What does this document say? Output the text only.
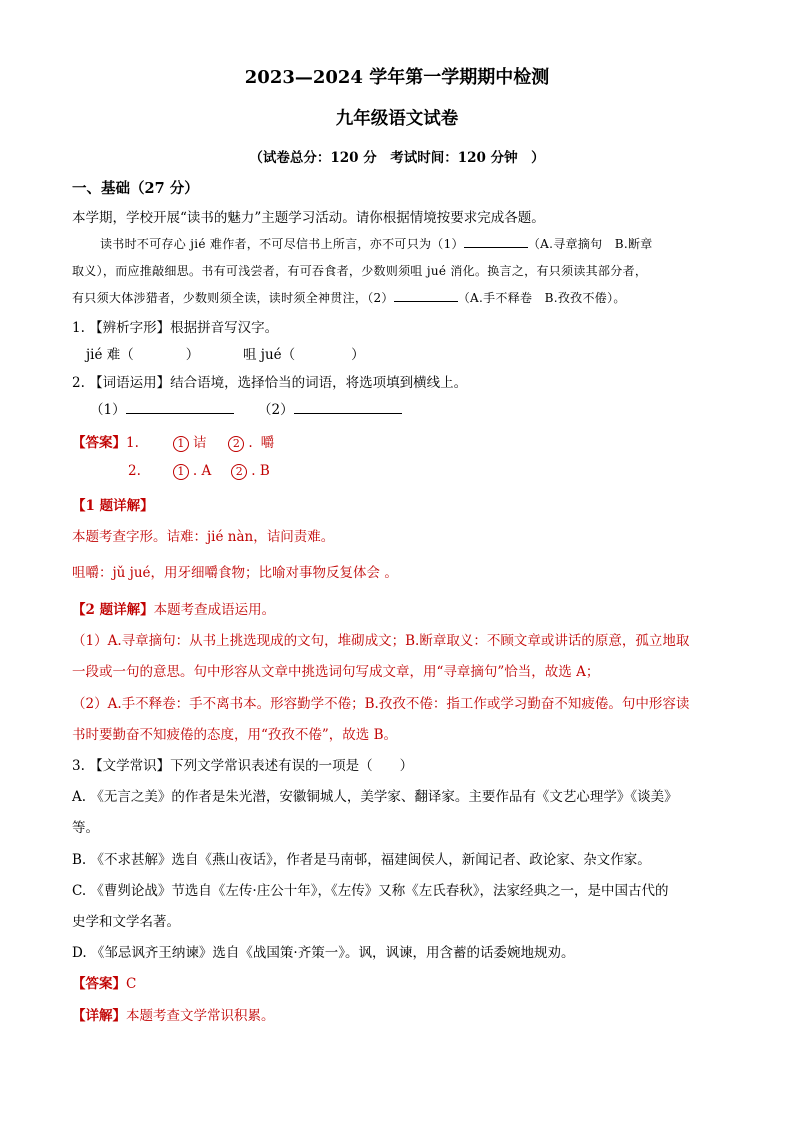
2023—2024 学年第一学期期中检测
九年级语文试卷
（试卷总分：120 分　考试时间：120 分钟　）
一、基础（27 分）
本学期，学校开展“读书的魅力”主题学习活动。请你根据情境按要求完成各题。
读书时不可存心 jié 难作者，不可尽信书上所言，亦不可只为（1）	（A.寻章摘句　B.断章
取义），而应推敲细思。书有可浅尝者，有可吞食者，少数则须咀 jué 消化。换言之，有只须读其部分者，
有只须大体涉猎者，少数则须全读，读时须全神贯注，（2）	（A.手不释卷　B.孜孜不倦）。
1. 【辨析字形】根据拼音写汉字。
jié 难（	）	咀 jué（	）
2. 【词语运用】结合语境，选择恰当的词语，将选项填到横线上。
（1）	（2）
【答案】1.	1 诘 2 . 嚼
2.	1 . A 2 . B
【1 题详解】
本题考查字形。诘难：jié nàn，诘问责难。
咀嚼：jǔ jué，用牙细嚼食物；比喻对事物反复体会 。
【2 题详解】本题考查成语运用。
（1）A.寻章摘句：从书上挑选现成的文句，堆砌成文；B.断章取义：不顾文章或讲话的原意，孤立地取
一段或一句的意思。句中形容从文章中挑选词句写成文章，用“寻章摘句”恰当，故选 A；
（2）A.手不释卷：手不离书本。形容勤学不倦；B.孜孜不倦：指工作或学习勤奋不知疲倦。句中形容读
书时要勤奋不知疲倦的态度，用“孜孜不倦”，故选 B。
3. 【文学常识】下列文学常识表述有误的一项是（　　）
A. 《无言之美》的作者是朱光潜，安徽铜城人，美学家、翻译家。主要作品有《文艺心理学》《谈美》
等。
B. 《不求甚解》选自《燕山夜话》，作者是马南邨，福建闽侯人，新闻记者、政论家、杂文作家。
C. 《曹刿论战》节选自《左传·庄公十年》，《左传》又称《左氏春秋》，法家经典之一，是中国古代的
史学和文学名著。
D. 《邹忌讽齐王纳谏》选自《战国策·齐策一》。讽，讽谏，用含蓄的话委婉地规劝。
【答案】C
【详解】本题考查文学常识积累。
